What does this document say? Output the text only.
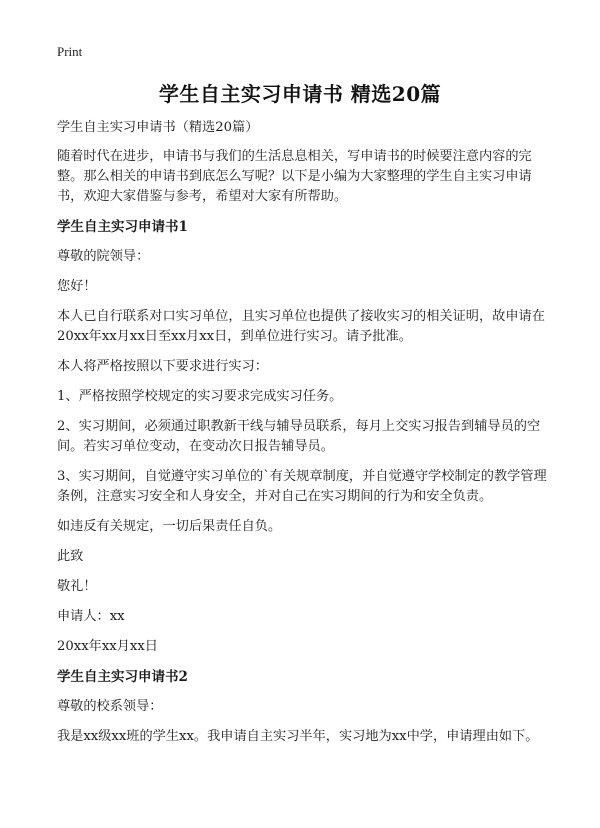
Print
学生自主实习申请书 精选20篇

学生自主实习申请书（精选20篇）

随着时代在进步，申请书与我们的生活息息相关，写申请书的时候要注意内容的完整。那么相关的申请书到底怎么写呢？以下是小编为大家整理的学生自主实习申请书，欢迎大家借鉴与参考，希望对大家有所帮助。

学生自主实习申请书1

尊敬的院领导：

您好！

本人已自行联系对口实习单位，且实习单位也提供了接收实习的相关证明，故申请在20xx年xx月xx日至xx月xx日，到单位进行实习。请予批准。

本人将严格按照以下要求进行实习：

1、严格按照学校规定的实习要求完成实习任务。

2、实习期间，必须通过职教新干线与辅导员联系，每月上交实习报告到辅导员的空间。若实习单位变动，在变动次日报告辅导员。

3、实习期间，自觉遵守实习单位的`有关规章制度，并自觉遵守学校制定的教学管理条例，注意实习安全和人身安全，并对自己在实习期间的行为和安全负责。

如违反有关规定，一切后果责任自负。

此致

敬礼！

申请人：xx

20xx年xx月xx日

学生自主实习申请书2

尊敬的校系领导：

我是xx级xx班的学生xx。我申请自主实习半年，实习地为xx中学，申请理由如下。
